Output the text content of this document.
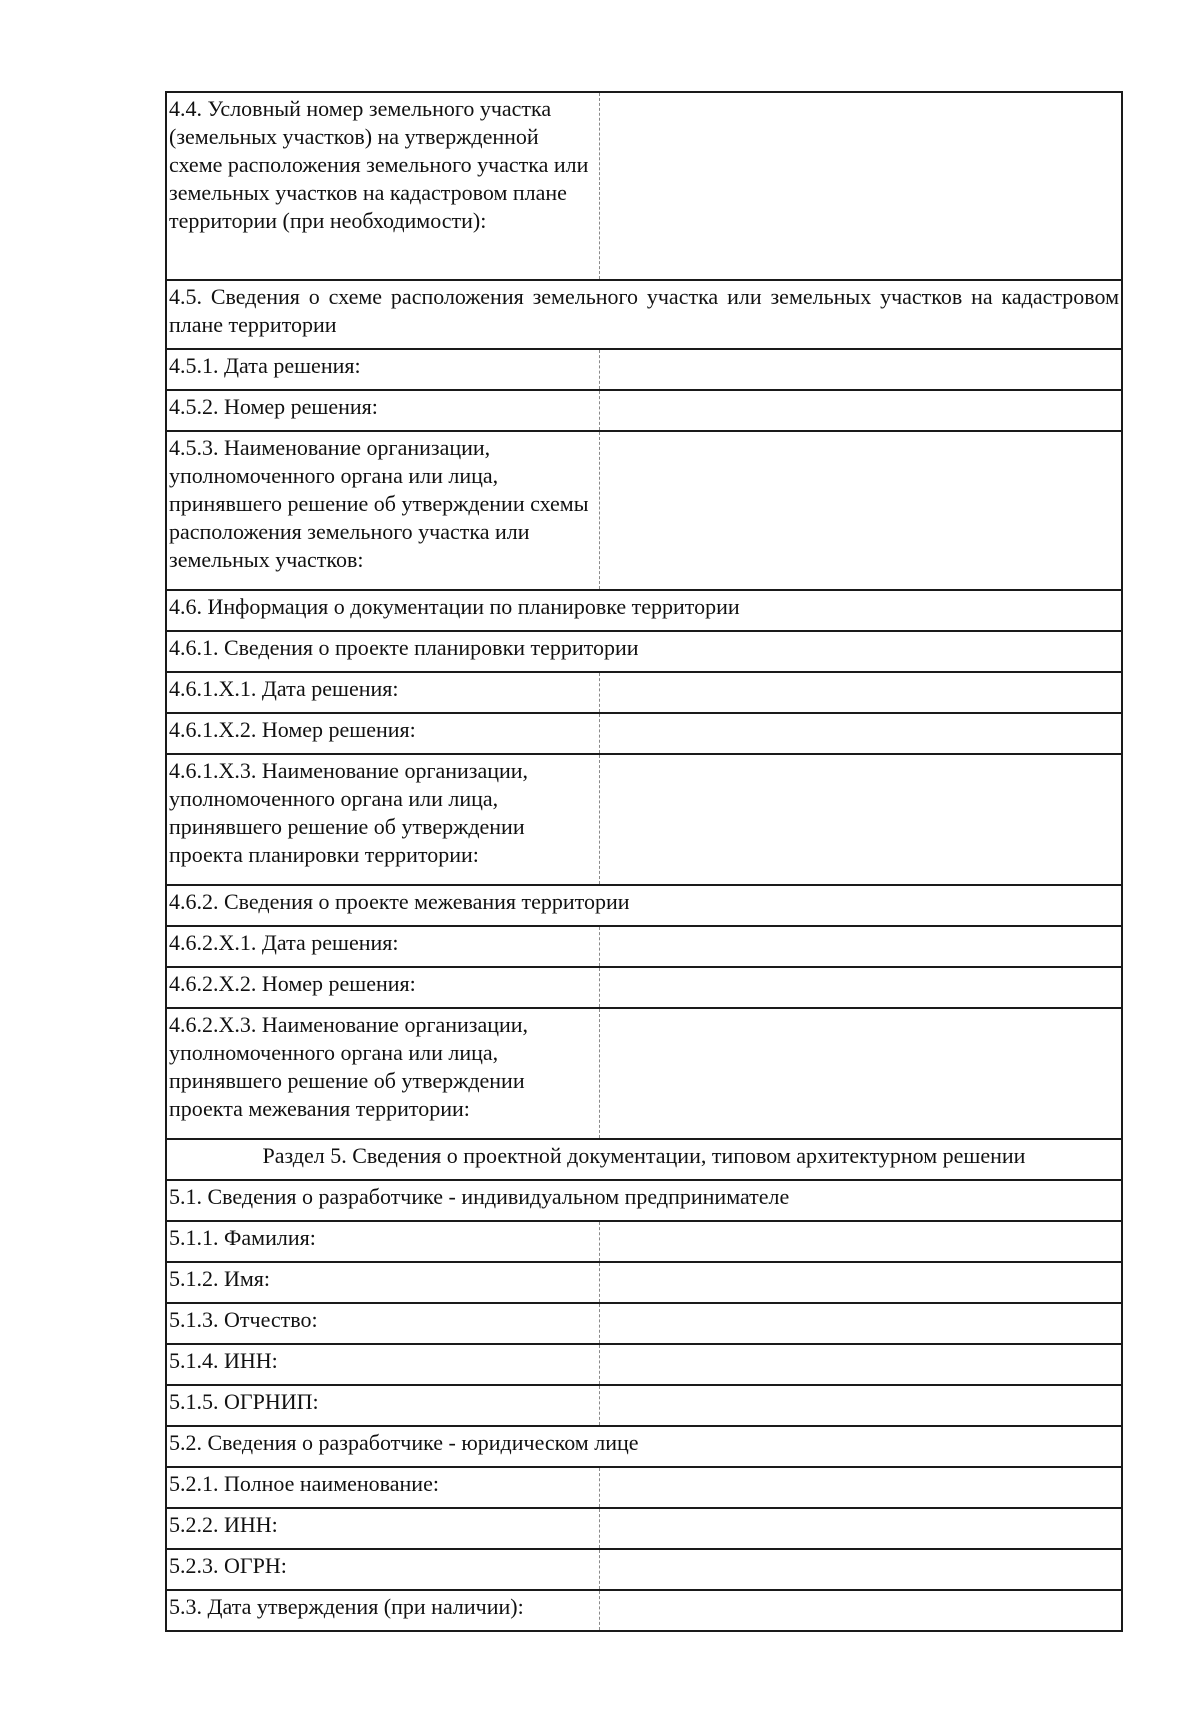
4.4. Условный номер земельного участка (земельных участков) на утвержденной схеме расположения земельного участка или земельных участков на кадастровом плане территории (при необходимости):	
4.5. Сведения о схеме расположения земельного участка или земельных участков на кадастровом плане территории	
4.5.1. Дата решения:	
4.5.2. Номер решения:	
4.5.3. Наименование организации, уполномоченного органа или лица, принявшего решение об утверждении схемы расположения земельного участка или земельных участков:	
4.6. Информация о документации по планировке территории	
4.6.1. Сведения о проекте планировки территории	
4.6.1.X.1. Дата решения:	
4.6.1.X.2. Номер решения:	
4.6.1.X.3. Наименование организации, уполномоченного органа или лица, принявшего решение об утверждении проекта планировки территории:	
4.6.2. Сведения о проекте межевания территории	
4.6.2.X.1. Дата решения:	
4.6.2.X.2. Номер решения:	
4.6.2.X.3. Наименование организации, уполномоченного органа или лица, принявшего решение об утверждении проекта межевания территории:	
Раздел 5. Сведения о проектной документации, типовом архитектурном решении	
5.1. Сведения о разработчике - индивидуальном предпринимателе	
5.1.1. Фамилия:	
5.1.2. Имя:	
5.1.3. Отчество:	
5.1.4. ИНН:	
5.1.5. ОГРНИП:	
5.2. Сведения о разработчике - юридическом лице	
5.2.1. Полное наименование:	
5.2.2. ИНН:	
5.2.3. ОГРН:	
5.3. Дата утверждения (при наличии):	
